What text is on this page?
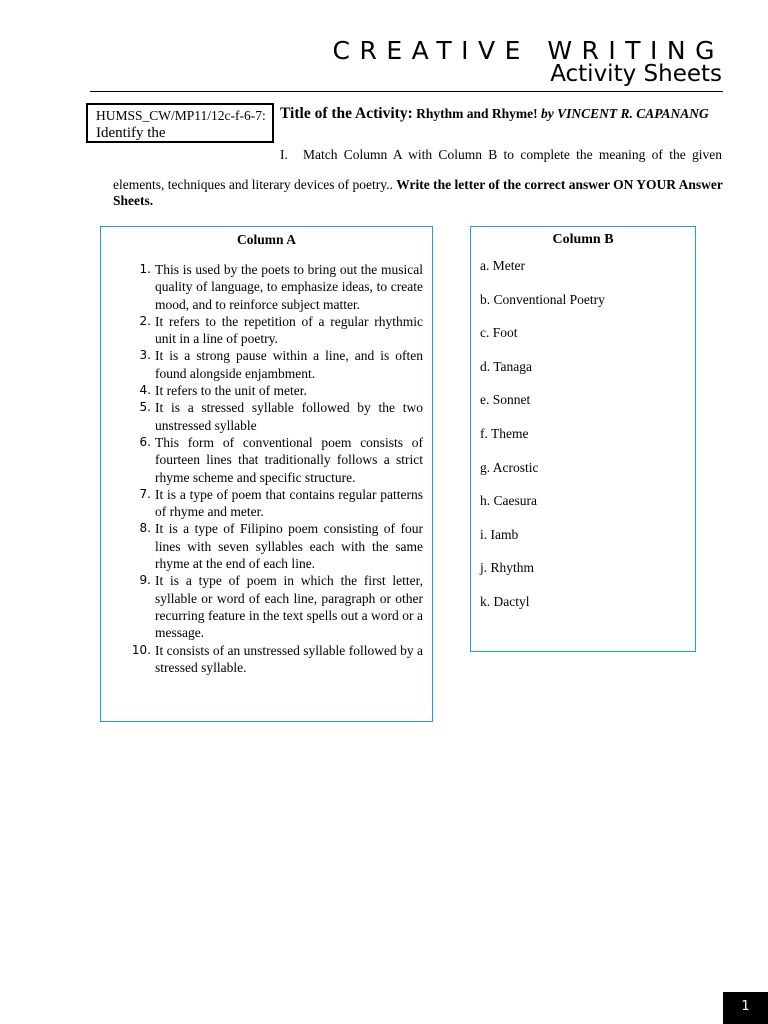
CREATIVE WRITING
Activity Sheets
HUMSS_CW/MP11/12c-f-6-7: Identify the
Title of the Activity: Rhythm and Rhyme! by VINCENT R. CAPANANG
I. Match Column A with Column B to complete the meaning of the given
elements, techniques and literary devices of poetry.. Write the letter of the correct answer ON YOUR Answer Sheets.
Column A
1. This is used by the poets to bring out the musical quality of language, to emphasize ideas, to create mood, and to reinforce subject matter.
2. It refers to the repetition of a regular rhythmic unit in a line of poetry.
3. It is a strong pause within a line, and is often found alongside enjambment.
4. It refers to the unit of meter.
5. It is a stressed syllable followed by the two unstressed syllable
6. This form of conventional poem consists of fourteen lines that traditionally follows a strict rhyme scheme and specific structure.
7. It is a type of poem that contains regular patterns of rhyme and meter.
8. It is a type of Filipino poem consisting of four lines with seven syllables each with the same rhyme at the end of each line.
9. It is a type of poem in which the first letter, syllable or word of each line, paragraph or other recurring feature in the text spells out a word or a message.
10. It consists of an unstressed syllable followed by a stressed syllable.
Column B
a. Meter
b. Conventional Poetry
c. Foot
d. Tanaga
e. Sonnet
f. Theme
g. Acrostic
h. Caesura
i. Iamb
j. Rhythm
k. Dactyl
1
